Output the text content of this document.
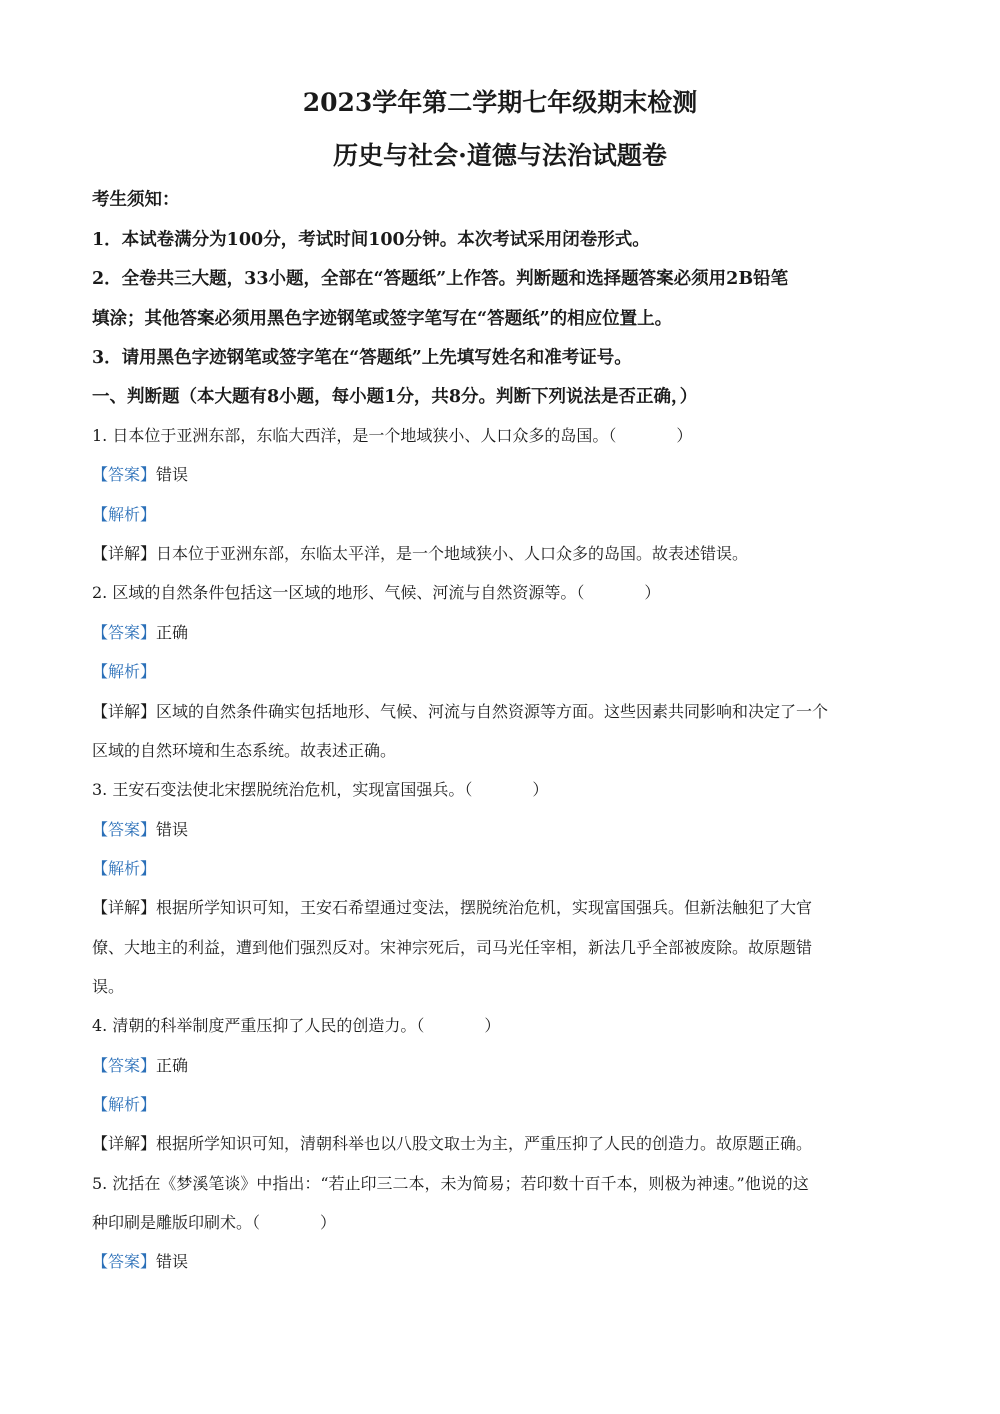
2023学年第二学期七年级期末检测
历史与社会·道德与法治试题卷

考生须知：

1．本试卷满分为100分，考试时间100分钟。本次考试采用闭卷形式。

2．全卷共三大题，33小题，全部在“答题纸”上作答。判断题和选择题答案必须用2B铅笔

填涂；其他答案必须用黑色字迹钢笔或签字笔写在“答题纸”的相应位置上。

3．请用黑色字迹钢笔或签字笔在“答题纸”上先填写姓名和准考证号。

一、判断题（本大题有8小题，每小题1分，共8分。判断下列说法是否正确，）

1. 日本位于亚洲东部，东临大西洋，是一个地域狭小、人口众多的岛国。（	）

【答案】错误

【解析】

【详解】日本位于亚洲东部，东临太平洋，是一个地域狭小、人口众多的岛国。故表述错误。

2. 区域的自然条件包括这一区域的地形、气候、河流与自然资源等。（	）

【答案】正确

【解析】

【详解】区域的自然条件确实包括地形、气候、河流与自然资源等方面。这些因素共同影响和决定了一个

区域的自然环境和生态系统。故表述正确。

3. 王安石变法使北宋摆脱统治危机，实现富国强兵。（	）

【答案】错误

【解析】

【详解】根据所学知识可知，王安石希望通过变法，摆脱统治危机，实现富国强兵。但新法触犯了大官

僚、大地主的利益，遭到他们强烈反对。宋神宗死后，司马光任宰相，新法几乎全部被废除。故原题错

误。

4. 清朝的科举制度严重压抑了人民的创造力。（	）

【答案】正确

【解析】

【详解】根据所学知识可知，清朝科举也以八股文取士为主，严重压抑了人民的创造力。故原题正确。

5. 沈括在《梦溪笔谈》中指出：“若止印三二本，未为简易；若印数十百千本，则极为神速。”他说的这

种印刷是雕版印刷术。（	）

【答案】错误
